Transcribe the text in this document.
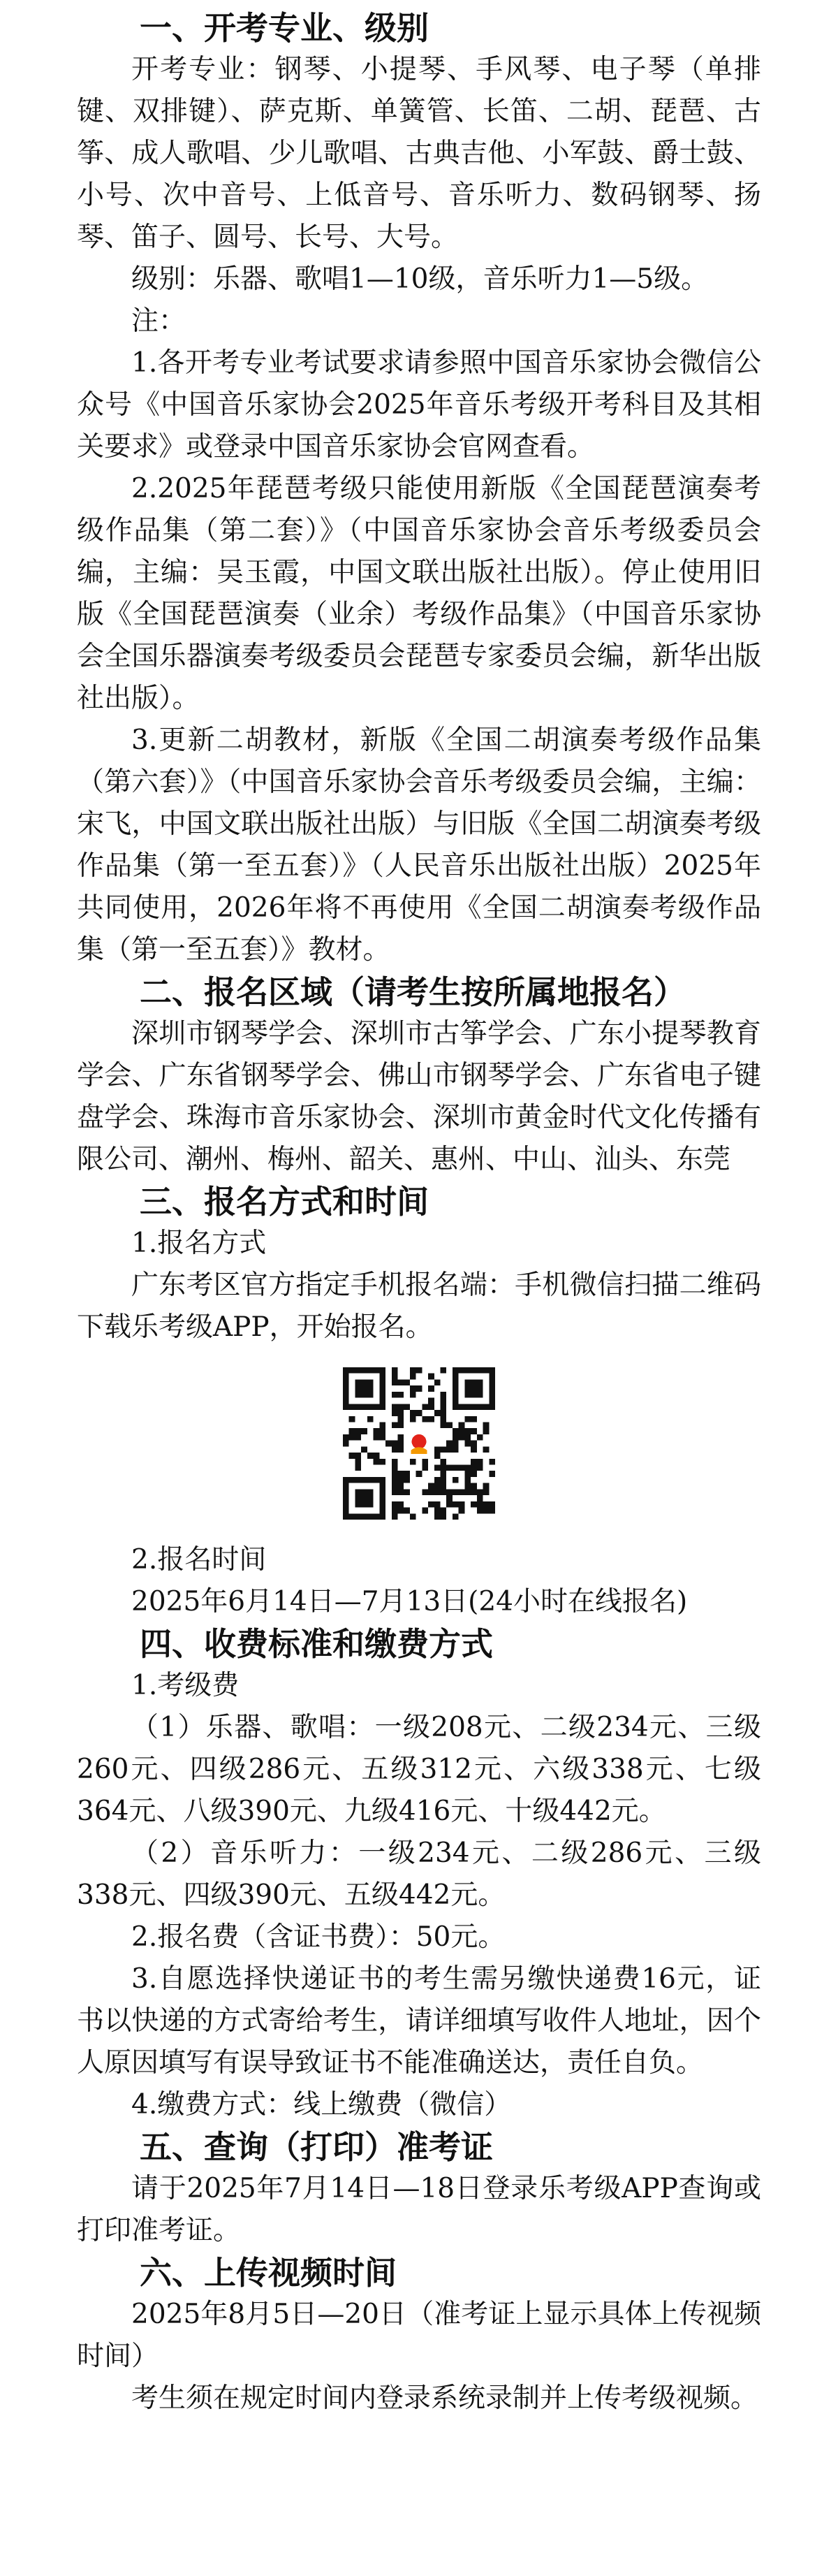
一、开考专业、级别

开考专业：钢琴、小提琴、手风琴、电子琴（单排键、双排键）、萨克斯、单簧管、长笛、二胡、琵琶、古筝、成人歌唱、少儿歌唱、古典吉他、小军鼓、爵士鼓、小号、次中音号、上低音号、音乐听力、数码钢琴、扬琴、笛子、圆号、长号、大号。

级别：乐器、歌唱1—10级，音乐听力1—5级。

注：

1.各开考专业考试要求请参照中国音乐家协会微信公众号《中国音乐家协会2025年音乐考级开考科目及其相关要求》或登录中国音乐家协会官网查看。

2.2025年琵琶考级只能使用新版《全国琵琶演奏考级作品集（第二套）》（中国音乐家协会音乐考级委员会编，主编：吴玉霞，中国文联出版社出版）。停止使用旧版《全国琵琶演奏（业余）考级作品集》（中国音乐家协会全国乐器演奏考级委员会琵琶专家委员会编，新华出版社出版）。

3.更新二胡教材，新版《全国二胡演奏考级作品集（第六套）》（中国音乐家协会音乐考级委员会编，主编：宋飞，中国文联出版社出版）与旧版《全国二胡演奏考级作品集（第一至五套）》（人民音乐出版社出版）2025年共同使用，2026年将不再使用《全国二胡演奏考级作品集（第一至五套）》教材。

二、报名区域（请考生按所属地报名）

深圳市钢琴学会、深圳市古筝学会、广东小提琴教育学会、广东省钢琴学会、佛山市钢琴学会、广东省电子键盘学会、珠海市音乐家协会、深圳市黄金时代文化传播有限公司、潮州、梅州、韶关、惠州、中山、汕头、东莞

三、报名方式和时间

1.报名方式

广东考区官方指定手机报名端：手机微信扫描二维码下载乐考级APP，开始报名。

2.报名时间

2025年6月14日—7月13日(24小时在线报名)

四、收费标准和缴费方式

1.考级费

（1）乐器、歌唱：一级208元、二级234元、三级260元、四级286元、五级312元、六级338元、七级364元、八级390元、九级416元、十级442元。

（2）音乐听力：一级234元、二级286元、三级338元、四级390元、五级442元。

2.报名费（含证书费）：50元。

3.自愿选择快递证书的考生需另缴快递费16元，证书以快递的方式寄给考生，请详细填写收件人地址，因个人原因填写有误导致证书不能准确送达，责任自负。

4.缴费方式：线上缴费（微信）

五、查询（打印）准考证

请于2025年7月14日—18日登录乐考级APP查询或打印准考证。

六、上传视频时间

2025年8月5日—20日（准考证上显示具体上传视频时间）

考生须在规定时间内登录系统录制并上传考级视频。
